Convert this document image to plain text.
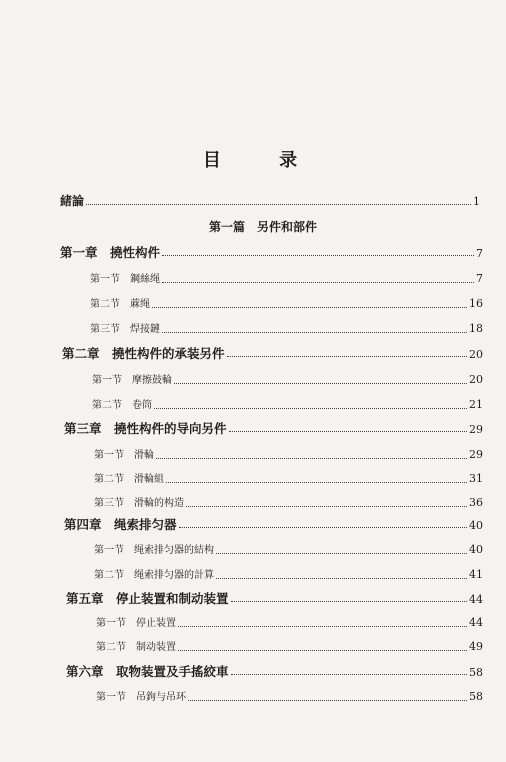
目 录
緒論	1
第一篇　另件和部件
第一章　撓性构件	7
第一节　鋼絲绳	7
第二节　蔴绳	16
第三节　焊接鏈	18
第二章　撓性构件的承装另件	20
第一节　摩擦鼓輪	20
第二节　卷筒	21
第三章　撓性构件的导向另件	29
第一节　滑輪	29
第二节　滑輪組	31
第三节　滑輪的构造	36
第四章　绳索排匀器	40
第一节　绳索排匀器的結构	40
第二节　绳索排匀器的計算	41
第五章　停止装置和制动装置	44
第一节　停止装置	44
第二节　制动装置	49
第六章　取物装置及手搖絞車	58
第一节　吊鉤与吊环	58
